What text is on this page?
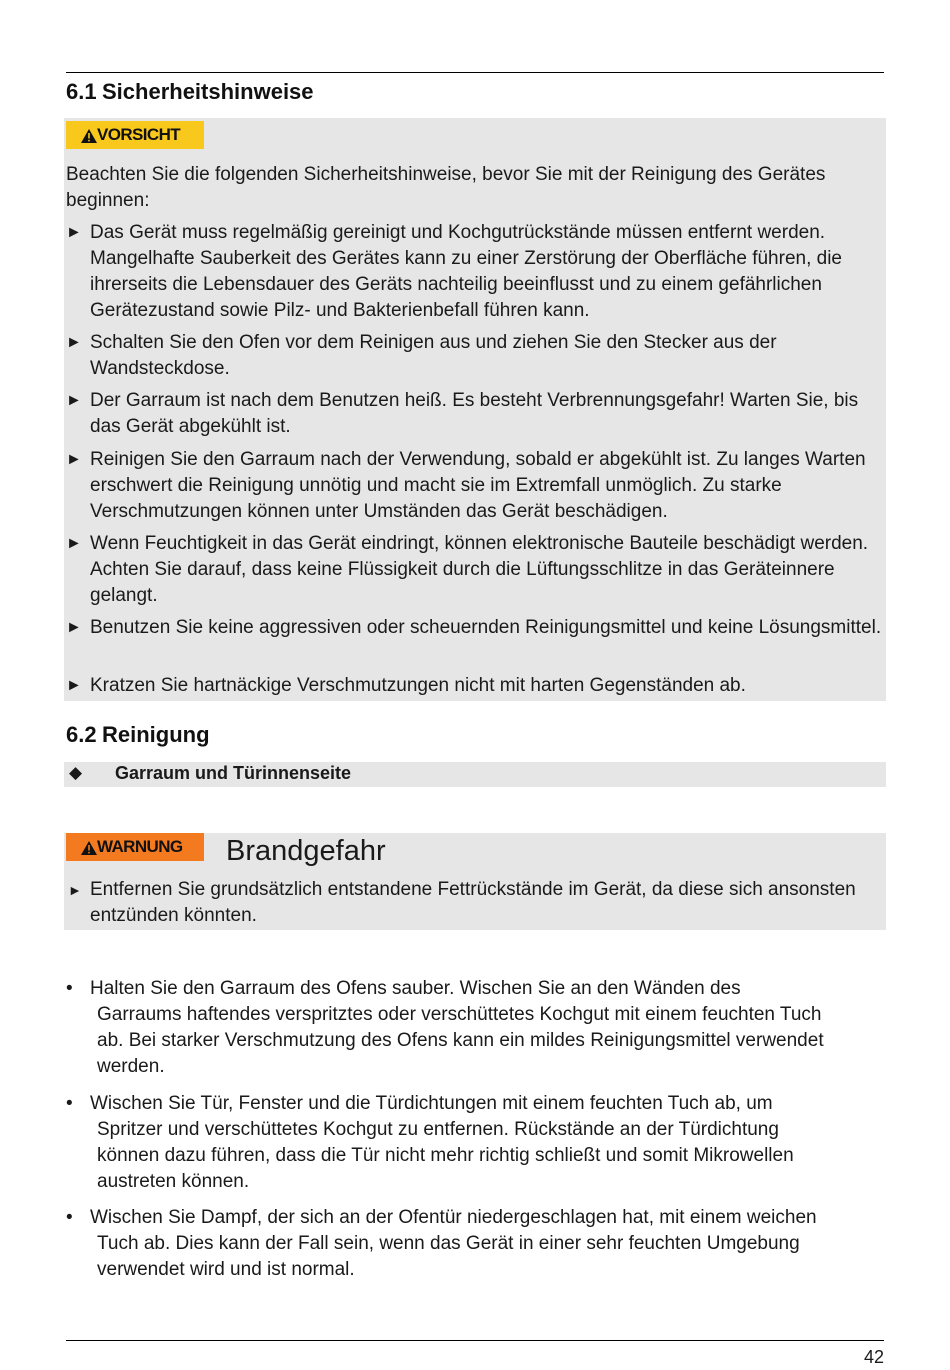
6.1 Sicherheitshinweise
VORSICHT
Beachten Sie die folgenden Sicherheitshinweise, bevor Sie mit der Reinigung des Gerätes beginnen:
► Das Gerät muss regelmäßig gereinigt und Kochgutrückstände müssen entfernt werden. Mangelhafte Sauberkeit des Gerätes kann zu einer Zerstörung der Oberfläche führen, die ihrerseits die Lebensdauer des Geräts nachteilig beeinflusst und zu einem gefährlichen Gerätezustand sowie Pilz- und Bakterienbefall führen kann.
► Schalten Sie den Ofen vor dem Reinigen aus und ziehen Sie den Stecker aus der Wandsteckdose.
► Der Garraum ist nach dem Benutzen heiß. Es besteht Verbrennungsgefahr! Warten Sie, bis das Gerät abgekühlt ist.
► Reinigen Sie den Garraum nach der Verwendung, sobald er abgekühlt ist. Zu langes Warten erschwert die Reinigung unnötig und macht sie im Extremfall unmöglich. Zu starke Verschmutzungen können unter Umständen das Gerät beschädigen.
► Wenn Feuchtigkeit in das Gerät eindringt, können elektronische Bauteile beschädigt werden. Achten Sie darauf, dass keine Flüssigkeit durch die Lüftungsschlitze in das Geräteinnere gelangt.
► Benutzen Sie keine aggressiven oder scheuernden Reinigungsmittel und keine Lösungsmittel.
► Kratzen Sie hartnäckige Verschmutzungen nicht mit harten Gegenständen ab.
6.2 Reinigung
◆ Garraum und Türinnenseite
WARNUNG Brandgefahr
► Entfernen Sie grundsätzlich entstandene Fettrückstände im Gerät, da diese sich ansonsten entzünden könnten.
• Halten Sie den Garraum des Ofens sauber. Wischen Sie an den Wänden des
Garraums haftendes verspritztes oder verschüttetes Kochgut mit einem feuchten Tuch
ab. Bei starker Verschmutzung des Ofens kann ein mildes Reinigungsmittel verwendet
werden.
• Wischen Sie Tür, Fenster und die Türdichtungen mit einem feuchten Tuch ab, um
Spritzer und verschüttetes Kochgut zu entfernen. Rückstände an der Türdichtung
können dazu führen, dass die Tür nicht mehr richtig schließt und somit Mikrowellen
austreten können.
• Wischen Sie Dampf, der sich an der Ofentür niedergeschlagen hat, mit einem weichen
Tuch ab. Dies kann der Fall sein, wenn das Gerät in einer sehr feuchten Umgebung
verwendet wird und ist normal.
42
